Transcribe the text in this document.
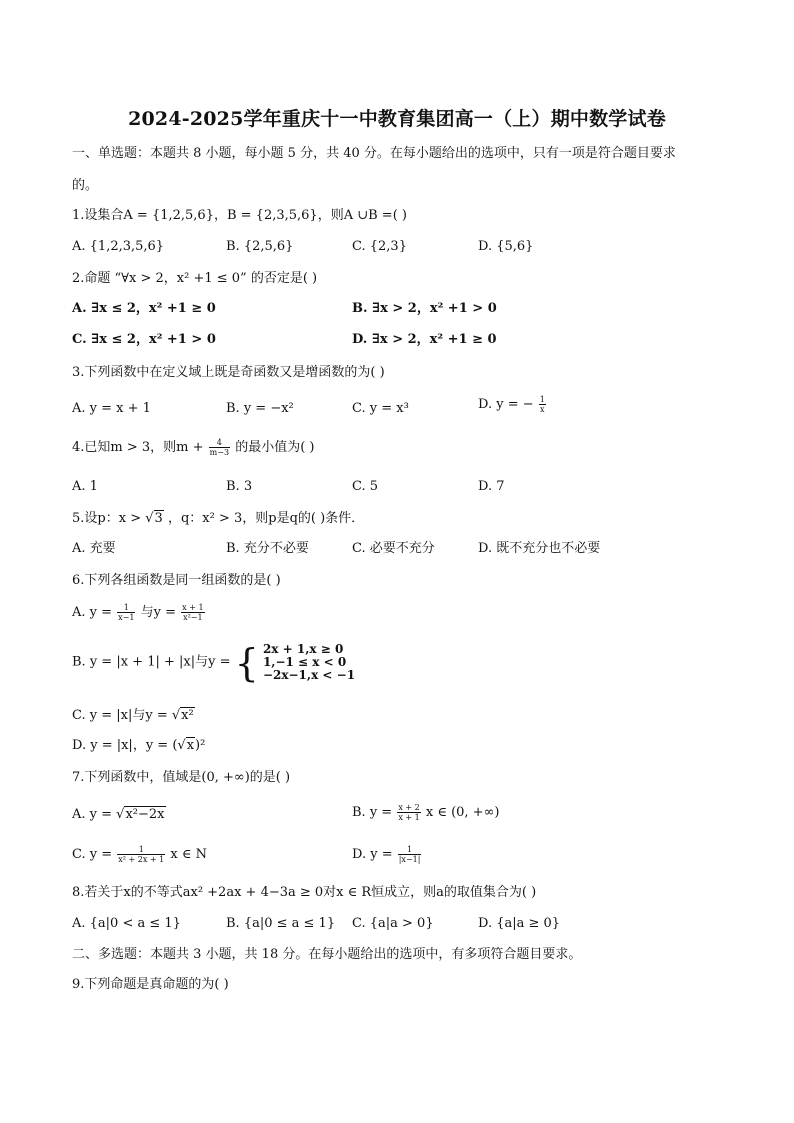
2024-2025学年重庆十一中教育集团高一（上）期中数学试卷
一、单选题：本题共 8 小题，每小题 5 分，共 40 分。在每小题给出的选项中，只有一项是符合题目要求
的。
1.设集合A = {1,2,5,6}，B = {2,3,5,6}，则A ∪B =( )
A. {1,2,3,5,6}	B. {2,5,6}	C. {2,3}	D. {5,6}
2.命题 “∀x > 2，x² +1 ≤ 0” 的否定是( )
A. ∃x ≤ 2，x² +1 ≥ 0	B. ∃x > 2，x² +1 > 0
C. ∃x ≤ 2，x² +1 > 0	D. ∃x > 2，x² +1 ≥ 0
3.下列函数中在定义域上既是奇函数又是增函数的为( )
A. y = x + 1	B. y = −x²	C. y = x³	D. y = − $\frac{1}{x}$
4.已知m > 3，则$m + \frac{4}{m-3}$ 的最小值为( )
A. 1	B. 3	C. 5	D. 7
5.设p：x > √3 ，q：x² > 3，则p是q的( )条件．
A. 充要	B. 充分不必要	C. 必要不充分	D. 既不充分也不必要
6.下列各组函数是同一组函数的是( )
A. $y = \frac{1}{x-1}$ 与$y = \frac{x + 1}{\text{x²−1}}$
B. y = |x + 1| + |x|与y = { 2x + 1,x ≥ 0
1,−1 ≤ x < 0
−2x−1,x < −1
C. y = |x|与y = √x²
D. y = |x|，y = (√x)²
7.下列函数中，值域是(0, +∞)的是( )
A. y = √x²−2x	B. $y = \frac{x + 2}{x + 1}$ x ∈ (0, +∞)
C. $y = \frac{1}{\text{x² + 2x + 1}}$ x ∈ N	D. $y = \frac{1}{|x-1|}$
8.若关于x的不等式ax² +2ax + 4−3a ≥ 0对x ∈ R恒成立，则a的取值集合为( )
A. {a|0 < a ≤ 1}	B. {a|0 ≤ a ≤ 1} C. {a|a > 0}	D. {a|a ≥ 0}
二、多选题：本题共 3 小题，共 18 分。在每小题给出的选项中，有多项符合题目要求。
9.下列命题是真命题的为( )
